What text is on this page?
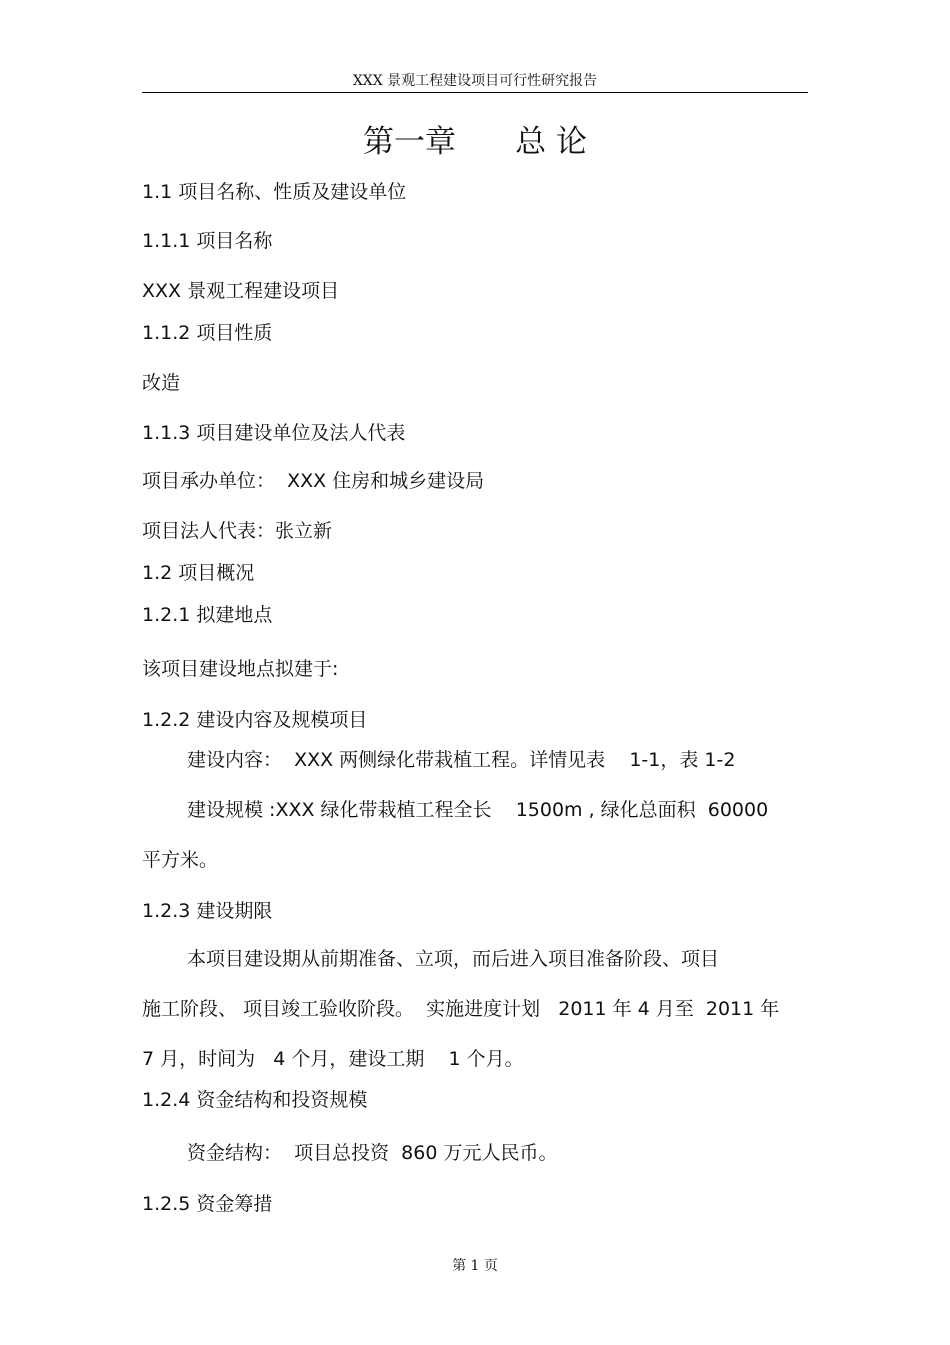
XXX 景观工程建设项目可行性研究报告
第一章      总 论
1.1 项目名称、性质及建设单位
1.1.1 项目名称
XXX 景观工程建设项目
1.1.2 项目性质
改造
1.1.3 项目建设单位及法人代表
项目承办单位：  XXX 住房和城乡建设局
项目法人代表：张立新
1.2 项目概况
1.2.1 拟建地点
该项目建设地点拟建于:
1.2.2 建设内容及规模项目
建设内容：  XXX 两侧绿化带栽植工程。详情见表    1-1，表 1-2
建设规模 :XXX 绿化带栽植工程全长    1500m , 绿化总面积  60000
平方米。
1.2.3 建设期限
本项目建设期从前期准备、立项，而后进入项目准备阶段、项目
施工阶段、 项目竣工验收阶段。  实施进度计划   2011 年 4 月至  2011 年
7 月，时间为   4 个月，建设工期    1 个月。
1.2.4 资金结构和投资规模
资金结构：  项目总投资  860 万元人民币。
1.2.5 资金筹措
第 1 页
